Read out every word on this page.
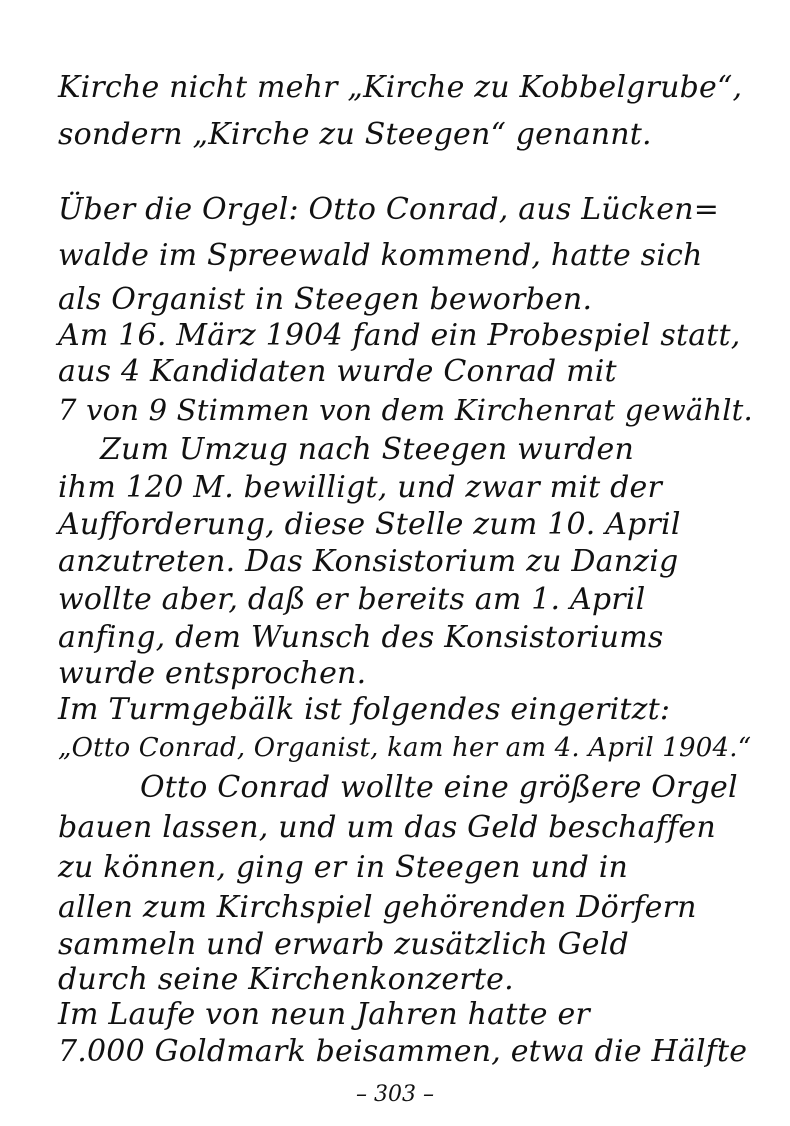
Kirche nicht mehr „Kirche zu Kobbelgrube“,
sondern „Kirche zu Steegen“ genannt.
Über die Orgel: Otto Conrad, aus Lücken=
walde im Spreewald kommend, hatte sich
als Organist in Steegen beworben.
Am 16. März 1904 fand ein Probespiel statt,
aus 4 Kandidaten wurde Conrad mit
7 von 9 Stimmen von dem Kirchenrat gewählt.
Zum Umzug nach Steegen wurden
ihm 120 M. bewilligt, und zwar mit der
Aufforderung, diese Stelle zum 10. April
anzutreten. Das Konsistorium zu Danzig
wollte aber, daß er bereits am 1. April
anfing, dem Wunsch des Konsistoriums
wurde entsprochen.
Im Turmgebälk ist folgendes eingeritzt:
„Otto Conrad, Organist, kam her am 4. April 1904.“
Otto Conrad wollte eine größere Orgel
bauen lassen, und um das Geld beschaffen
zu können, ging er in Steegen und in
allen zum Kirchspiel gehörenden Dörfern
sammeln und erwarb zusätzlich Geld
durch seine Kirchenkonzerte.
Im Laufe von neun Jahren hatte er
7.000 Goldmark beisammen, etwa die Hälfte
– 303 –
